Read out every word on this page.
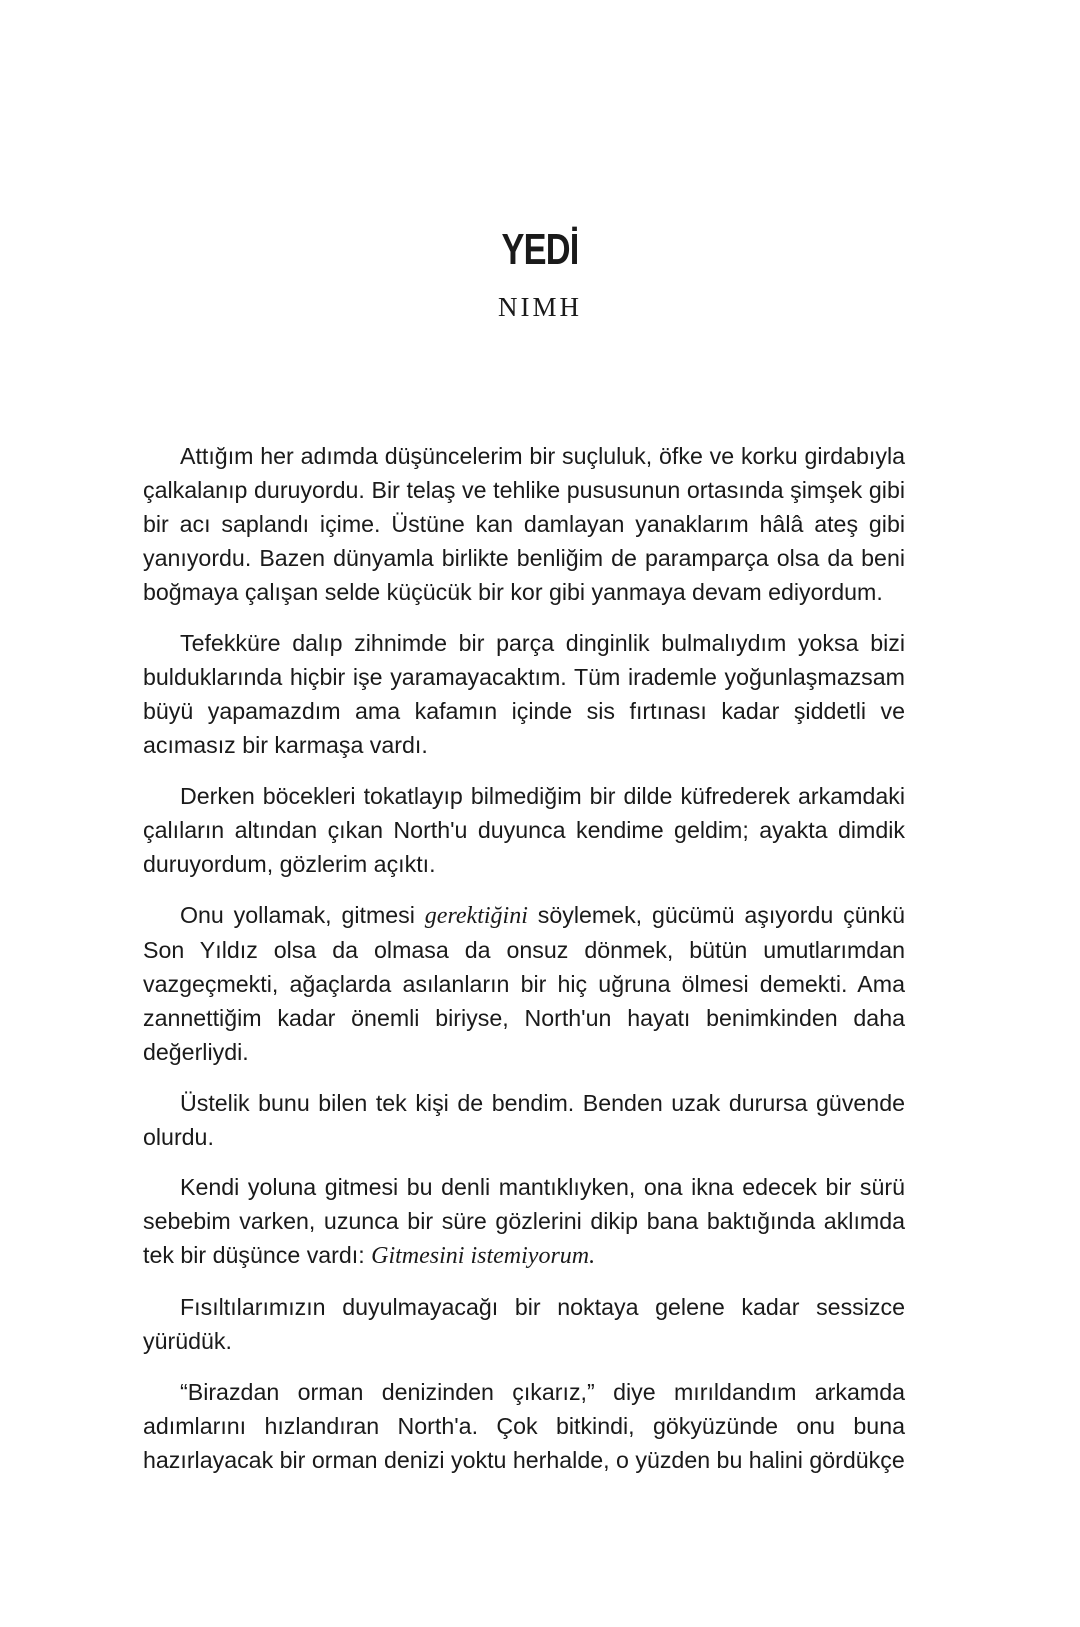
YEDİ
NIMH

Attığım her adımda düşüncelerim bir suçluluk, öfke ve korku girdabıyla çalkalanıp duruyordu. Bir telaş ve tehlike pususunun ortasında şimşek gibi bir acı saplandı içime. Üstüne kan damlayan yanaklarım hâlâ ateş gibi yanıyordu. Bazen dünyamla birlikte benliğim de paramparça olsa da beni boğmaya çalışan selde küçücük bir kor gibi yanmaya devam ediyordum.

Tefekküre dalıp zihnimde bir parça dinginlik bulmalıydım yoksa bizi bulduklarında hiçbir işe yaramayacaktım. Tüm irademle yoğunlaşmazsam büyü yapamazdım ama kafamın içinde sis fırtınası kadar şiddetli ve acımasız bir karmaşa vardı.

Derken böcekleri tokatlayıp bilmediğim bir dilde küfrederek arkamdaki çalıların altından çıkan North'u duyunca kendime geldim; ayakta dimdik duruyordum, gözlerim açıktı.

Onu yollamak, gitmesi gerektiğini söylemek, gücümü aşıyordu çünkü Son Yıldız olsa da olmasa da onsuz dönmek, bütün umutlarımdan vazgeçmekti, ağaçlarda asılanların bir hiç uğruna ölmesi demekti. Ama zannettiğim kadar önemli biriyse, North'un hayatı benimkinden daha değerliydi.

Üstelik bunu bilen tek kişi de bendim. Benden uzak durursa güvende olurdu.

Kendi yoluna gitmesi bu denli mantıklıyken, ona ikna edecek bir sürü sebebim varken, uzunca bir süre gözlerini dikip bana baktığında aklımda tek bir düşünce vardı: Gitmesini istemiyorum.

Fısıltılarımızın duyulmayacağı bir noktaya gelene kadar sessizce yürüdük.

“Birazdan orman denizinden çıkarız,” diye mırıldandım arkamda adımlarını hızlandıran North'a. Çok bitkindi, gökyüzünde onu buna hazırlayacak bir orman denizi yoktu herhalde, o yüzden bu halini gördükçe
